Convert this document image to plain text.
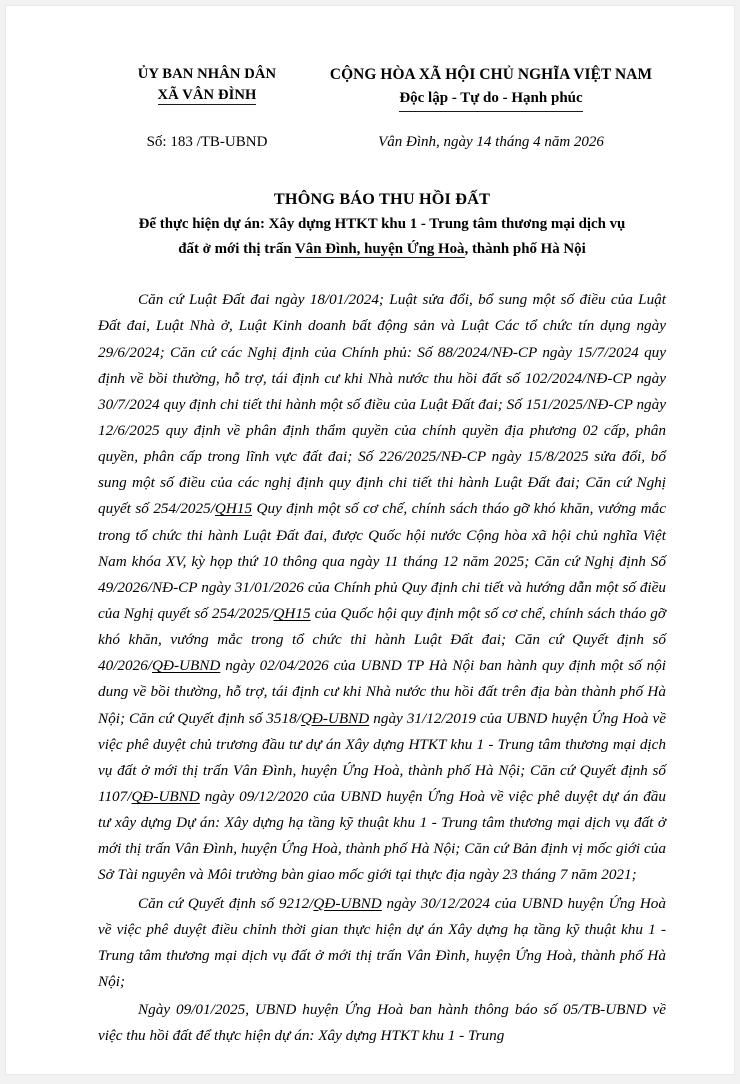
ỦY BAN NHÂN DÂN
XÃ VÂN ĐÌNH
CỘNG HÒA XÃ HỘI CHỦ NGHĨA VIỆT NAM
Độc lập - Tự do - Hạnh phúc
Số: 183 /TB-UBND	Vân Đình, ngày 14 tháng 4 năm 2026
THÔNG BÁO THU HỒI ĐẤT
Để thực hiện dự án: Xây dựng HTKT khu 1 - Trung tâm thương mại dịch vụ
đất ở mới thị trấn Vân Đình, huyện Ứng Hoà, thành phố Hà Nội

Căn cứ Luật Đất đai ngày 18/01/2024; Luật sửa đổi, bổ sung một số điều của Luật Đất đai, Luật Nhà ở, Luật Kinh doanh bất động sản và Luật Các tổ chức tín dụng ngày 29/6/2024; Căn cứ các Nghị định của Chính phủ: Số 88/2024/NĐ-CP ngày 15/7/2024 quy định về bồi thường, hỗ trợ, tái định cư khi Nhà nước thu hồi đất số 102/2024/NĐ-CP ngày 30/7/2024 quy định chi tiết thi hành một số điều của Luật Đất đai; Số 151/2025/NĐ-CP ngày 12/6/2025 quy định về phân định thẩm quyền của chính quyền địa phương 02 cấp, phân quyền, phân cấp trong lĩnh vực đất đai; Số 226/2025/NĐ-CP ngày 15/8/2025 sửa đổi, bổ sung một số điều của các nghị định quy định chi tiết thi hành Luật Đất đai; Căn cứ Nghị quyết số 254/2025/QH15 Quy định một số cơ chế, chính sách tháo gỡ khó khăn, vướng mắc trong tổ chức thi hành Luật Đất đai, được Quốc hội nước Cộng hòa xã hội chủ nghĩa Việt Nam khóa XV, kỳ họp thứ 10 thông qua ngày 11 tháng 12 năm 2025; Căn cứ Nghị định Số 49/2026/NĐ-CP ngày 31/01/2026 của Chính phủ Quy định chi tiết và hướng dẫn một số điều của Nghị quyết số 254/2025/QH15 của Quốc hội quy định một số cơ chế, chính sách tháo gỡ khó khăn, vướng mắc trong tổ chức thi hành Luật Đất đai; Căn cứ Quyết định số 40/2026/QĐ-UBND ngày 02/04/2026 của UBND TP Hà Nội ban hành quy định một số nội dung về bồi thường, hỗ trợ, tái định cư khi Nhà nước thu hồi đất trên địa bàn thành phố Hà Nội; Căn cứ Quyết định số 3518/QĐ-UBND ngày 31/12/2019 của UBND huyện Ứng Hoà về việc phê duyệt chủ trương đầu tư dự án Xây dựng HTKT khu 1 - Trung tâm thương mại dịch vụ đất ở mới thị trấn Vân Đình, huyện Ứng Hoà, thành phố Hà Nội; Căn cứ Quyết định số 1107/QĐ-UBND ngày 09/12/2020 của UBND huyện Ứng Hoà về việc phê duyệt dự án đầu tư xây dựng Dự án: Xây dựng hạ tầng kỹ thuật khu 1 - Trung tâm thương mại dịch vụ đất ở mới thị trấn Vân Đình, huyện Ứng Hoà, thành phố Hà Nội; Căn cứ Bản định vị mốc giới của Sở Tài nguyên và Môi trường bàn giao mốc giới tại thực địa ngày 23 tháng 7 năm 2021;

Căn cứ Quyết định số 9212/QĐ-UBND ngày 30/12/2024 của UBND huyện Ứng Hoà về việc phê duyệt điều chỉnh thời gian thực hiện dự án Xây dựng hạ tầng kỹ thuật khu 1 - Trung tâm thương mại dịch vụ đất ở mới thị trấn Vân Đình, huyện Ứng Hoà, thành phố Hà Nội;

Ngày 09/01/2025, UBND huyện Ứng Hoà ban hành thông báo số 05/TB-UBND về việc thu hồi đất để thực hiện dự án: Xây dựng HTKT khu 1 - Trung
